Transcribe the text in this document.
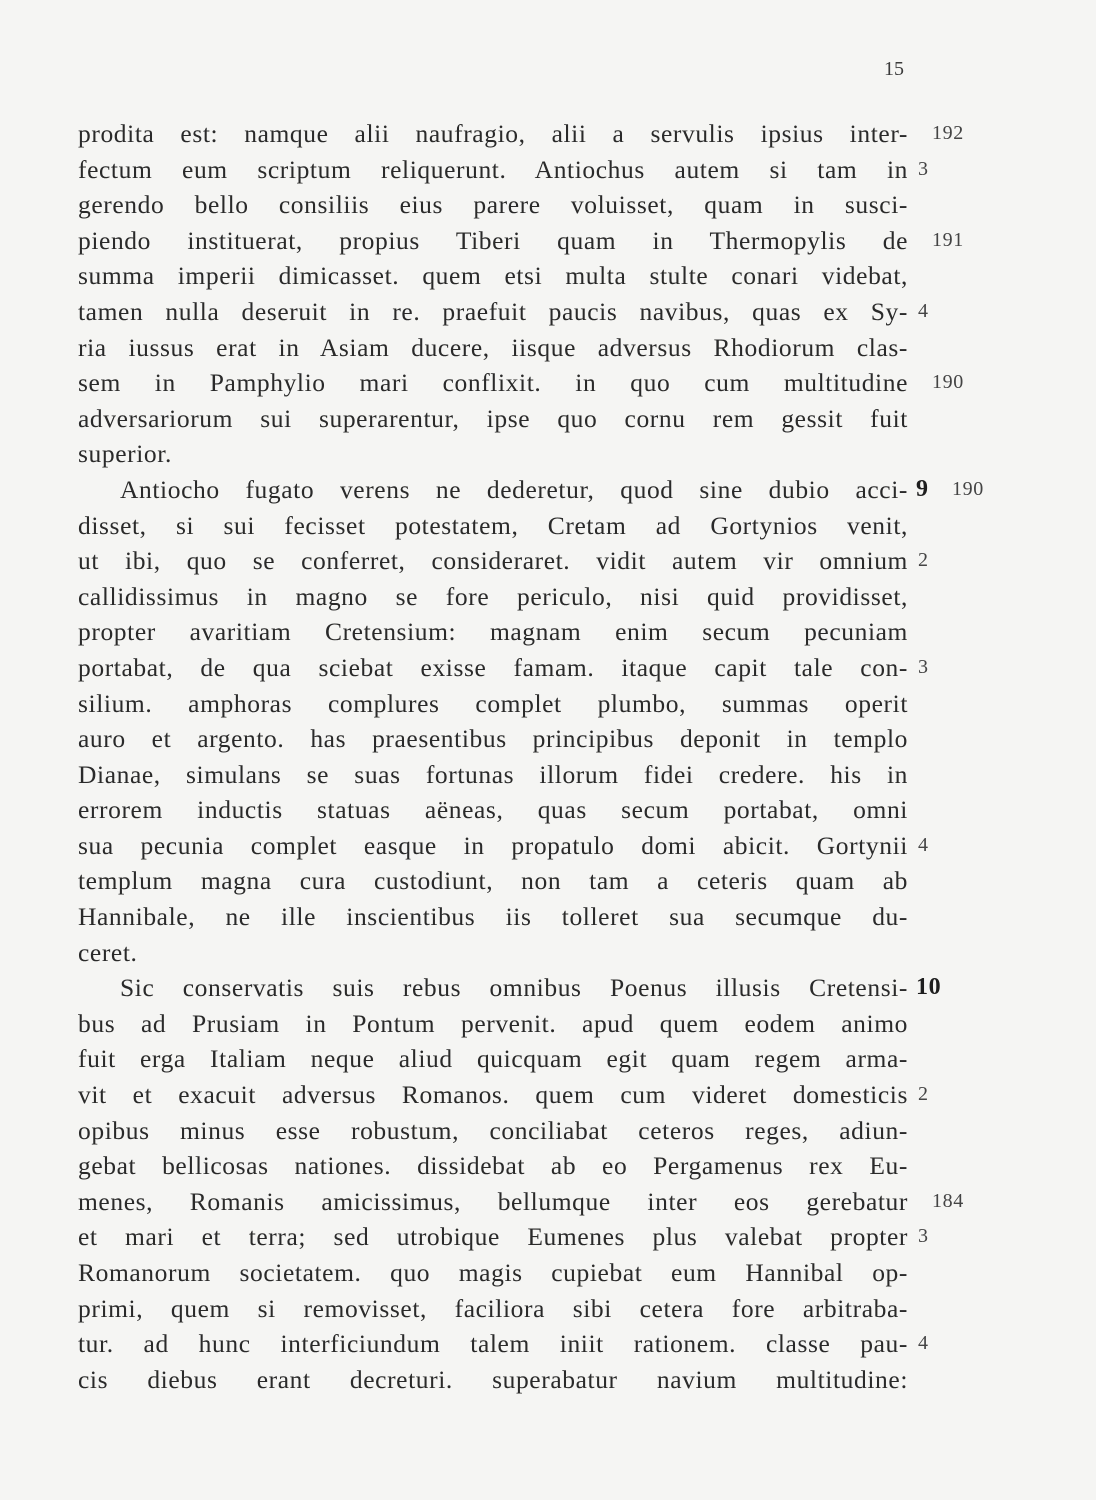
15
prodita est: namque alii naufragio, alii a servulis ipsius inter- 192
fectum eum scriptum reliquerunt. Antiochus autem si tam in 3
gerendo bello consiliis eius parere voluisset, quam in susci-
piendo instituerat, propius Tiberi quam in Thermopylis de 191
summa imperii dimicasset. quem etsi multa stulte conari videbat,
tamen nulla deseruit in re. praefuit paucis navibus, quas ex Sy- 4
ria iussus erat in Asiam ducere, iisque adversus Rhodiorum clas-
sem in Pamphylio mari conflixit. in quo cum multitudine 190
adversariorum sui superarentur, ipse quo cornu rem gessit fuit
superior.
Antiocho fugato verens ne dederetur, quod sine dubio acci- 9 190
disset, si sui fecisset potestatem, Cretam ad Gortynios venit,
ut ibi, quo se conferret, consideraret. vidit autem vir omnium 2
callidissimus in magno se fore periculo, nisi quid providisset,
propter avaritiam Cretensium: magnam enim secum pecuniam
portabat, de qua sciebat exisse famam. itaque capit tale con- 3
silium. amphoras complures complet plumbo, summas operit
auro et argento. has praesentibus principibus deponit in templo
Dianae, simulans se suas fortunas illorum fidei credere. his in
errorem inductis statuas aëneas, quas secum portabat, omni
sua pecunia complet easque in propatulo domi abicit. Gortynii 4
templum magna cura custodiunt, non tam a ceteris quam ab
Hannibale, ne ille inscientibus iis tolleret sua secumque du-
ceret.
Sic conservatis suis rebus omnibus Poenus illusis Cretensi- 10
bus ad Prusiam in Pontum pervenit. apud quem eodem animo
fuit erga Italiam neque aliud quicquam egit quam regem arma-
vit et exacuit adversus Romanos. quem cum videret domesticis 2
opibus minus esse robustum, conciliabat ceteros reges, adiun-
gebat bellicosas nationes. dissidebat ab eo Pergamenus rex Eu-
menes, Romanis amicissimus, bellumque inter eos gerebatur 184
et mari et terra; sed utrobique Eumenes plus valebat propter 3
Romanorum societatem. quo magis cupiebat eum Hannibal op-
primi, quem si removisset, faciliora sibi cetera fore arbitraba-
tur. ad hunc interficiundum talem iniit rationem. classe pau- 4
cis diebus erant decreturi. superabatur navium multitudine:
